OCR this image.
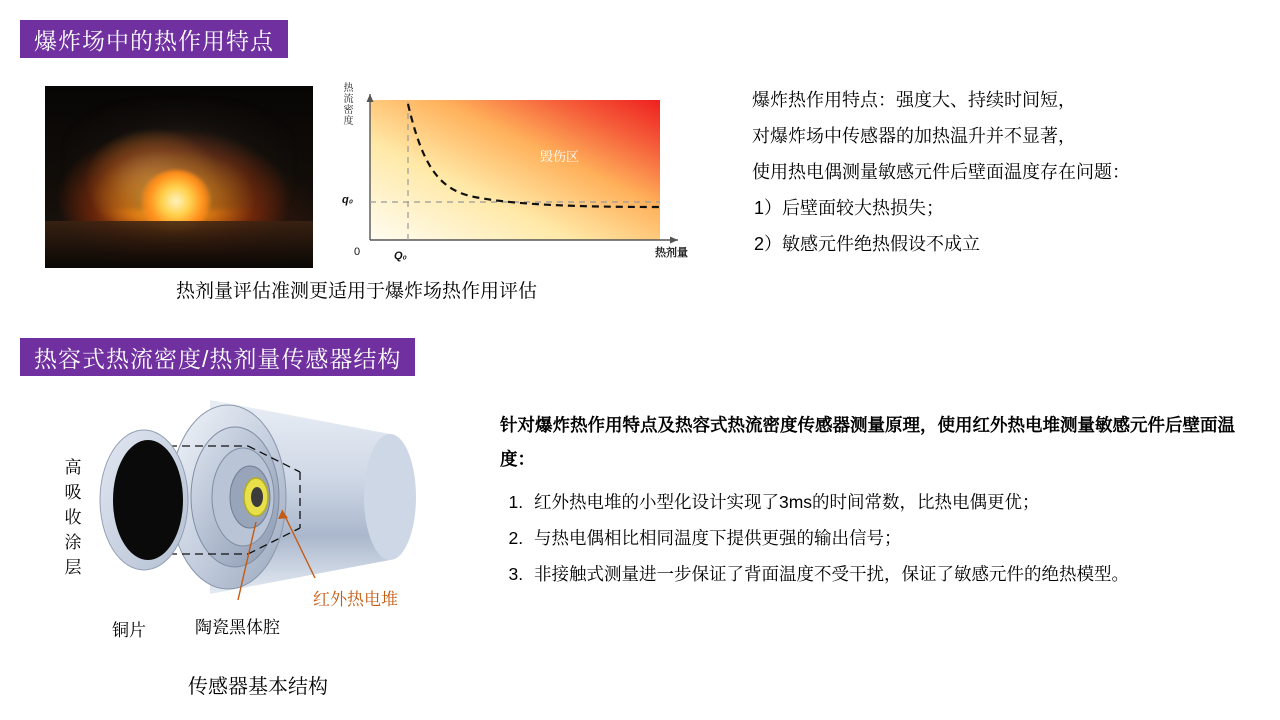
爆炸场中的热作用特点
热流密度
热剂量
毁伤区
0	Q₀
q₀
热剂量评估准测更适用于爆炸场热作用评估
爆炸热作用特点：强度大、持续时间短，
对爆炸场中传感器的加热温升并不显著，
使用热电偶测量敏感元件后壁面温度存在问题：
1）后壁面较大热损失；
2）敏感元件绝热假设不成立
热容式热流密度/热剂量传感器结构
高吸收涂层
铜片	陶瓷黑体腔
红外热电堆
传感器基本结构
针对爆炸热作用特点及热容式热流密度传感器测量原理，使用红外热电堆测量敏感元件后壁面温度：
1. 红外热电堆的小型化设计实现了3ms的时间常数，比热电偶更优；
2. 与热电偶相比相同温度下提供更强的输出信号；
3. 非接触式测量进一步保证了背面温度不受干扰，保证了敏感元件的绝热模型。
